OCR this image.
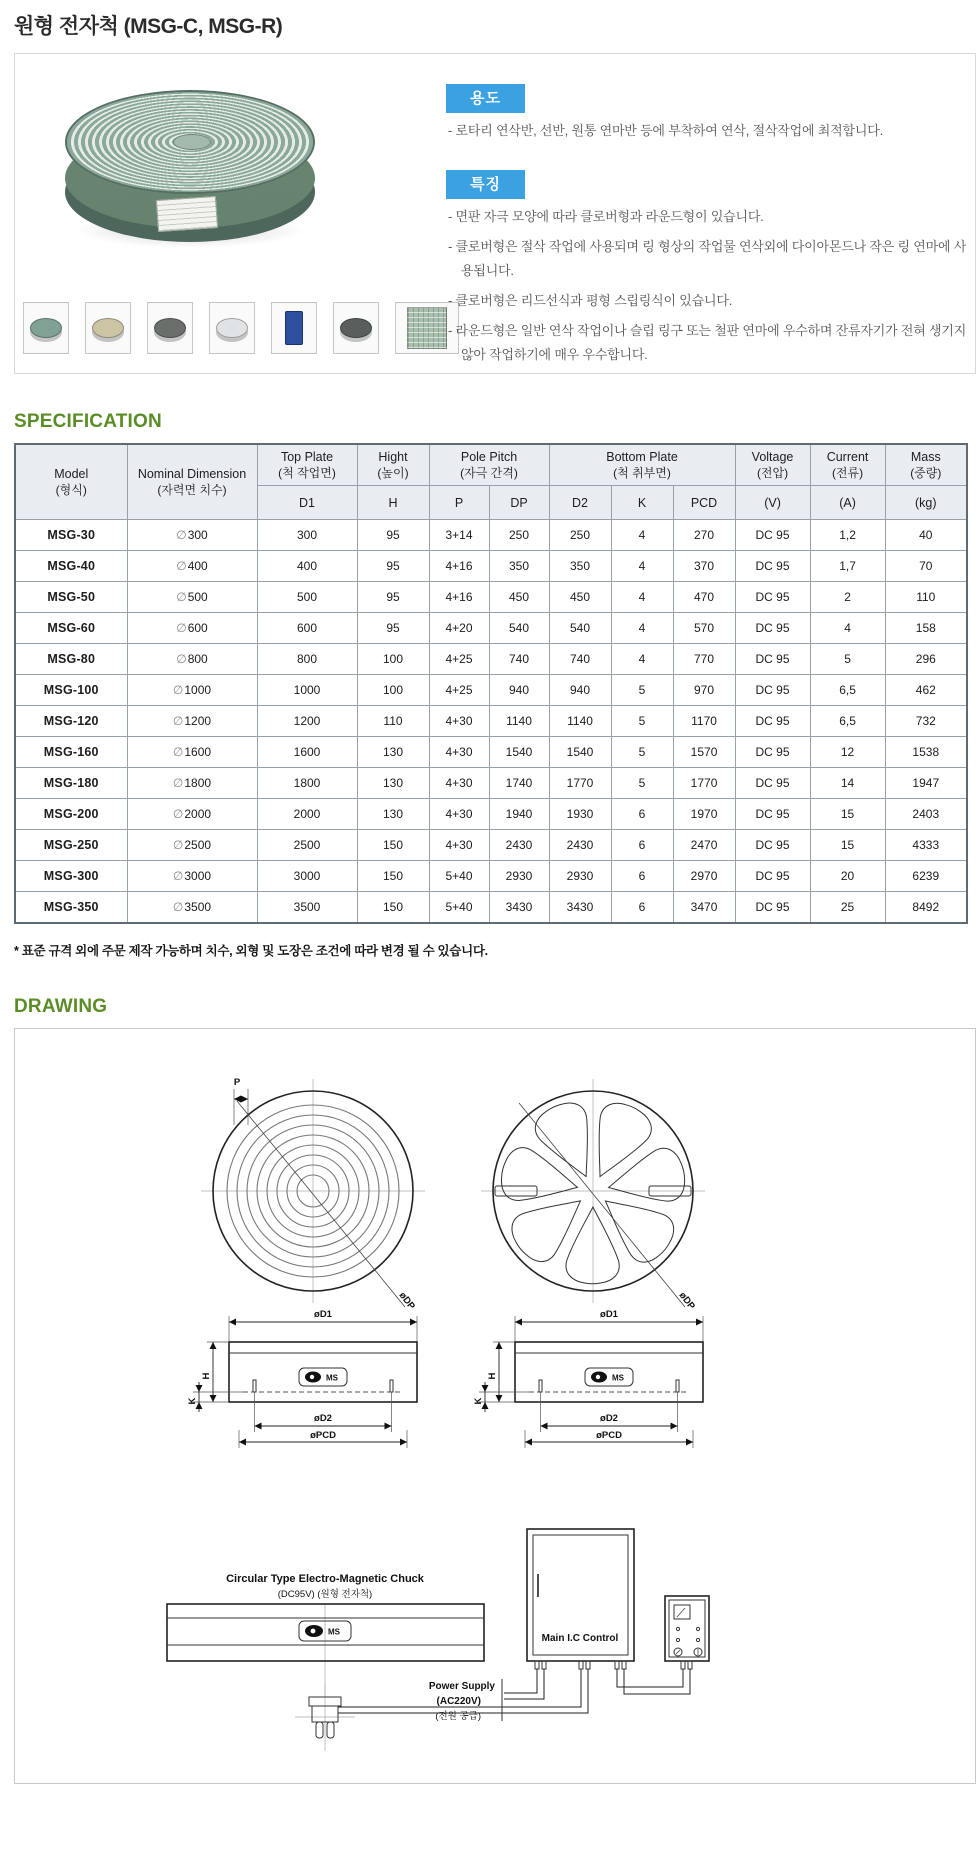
원형 전자척 (MSG-C, MSG-R)
용도

- 로타리 연삭반, 선반, 원통 연마반 등에 부착하여 연삭, 절삭작업에 최적합니다.

특징

- 면판 자극 모양에 따라 클로버형과 라운드형이 있습니다.

- 클로버형은 절삭 작업에 사용되며 링 형상의 작업물 연삭외에 다이아몬드나 작은 링 연마에 사용됩니다.

- 클로버형은 리드선식과 평형 스립링식이 있습니다.

- 라운드형은 일반 연삭 작업이나 슬립 링구 또는 철판 연마에 우수하며 잔류자기가 전혀 생기지 않아 작업하기에 매우 우수합니다.

SPECIFICATION
Model
(형식)

Nominal Dimension
(자력면 치수)

Top Plate
(척 작업면)

Hight
(높이)

Pole Pitch
(자극 간격)

Bottom Plate
(척 취부면)

Voltage
(전압)

Current
(전류)

Mass
(중량)

		D1	H	P	DP	D2	K	PCD	(V)	(A)	(kg)
MSG-30	∅300	300	95	3+14	250	250	4	270	DC 95	1,2	40
MSG-40	∅400	400	95	4+16	350	350	4	370	DC 95	1,7	70
MSG-50	∅500	500	95	4+16	450	450	4	470	DC 95	2	110
MSG-60	∅600	600	95	4+20	540	540	4	570	DC 95	4	158
MSG-80	∅800	800	100	4+25	740	740	4	770	DC 95	5	296
MSG-100	∅1000	1000	100	4+25	940	940	5	970	DC 95	6,5	462
MSG-120	∅1200	1200	110	4+30	1140	1140	5	1170	DC 95	6,5	732
MSG-160	∅1600	1600	130	4+30	1540	1540	5	1570	DC 95	12	1538
MSG-180	∅1800	1800	130	4+30	1740	1770	5	1770	DC 95	14	1947
MSG-200	∅2000	2000	130	4+30	1940	1930	6	1970	DC 95	15	2403
MSG-250	∅2500	2500	150	4+30	2430	2430	6	2470	DC 95	15	4333
MSG-300	∅3000	3000	150	5+40	2930	2930	6	2970	DC 95	20	6239
MSG-350	∅3500	3500	150	5+40	3430	3430	6	3470	DC 95	25	8492

* 표준 규격 외에 주문 제작 가능하며 치수, 외형 및 도장은 조건에 따라 변경 될 수 있습니다.

DRAWING
øDP
P
øDP
øD1
MS
H
K
øD2
øPCD
øD1
MS
H
K
øD2
øPCD
Circular Type Electro-Magnetic Chuck
(DC95V) (원형 전자척)
MS
Main I.C Control
Power Supply
(AC220V)
(전원 공급)
